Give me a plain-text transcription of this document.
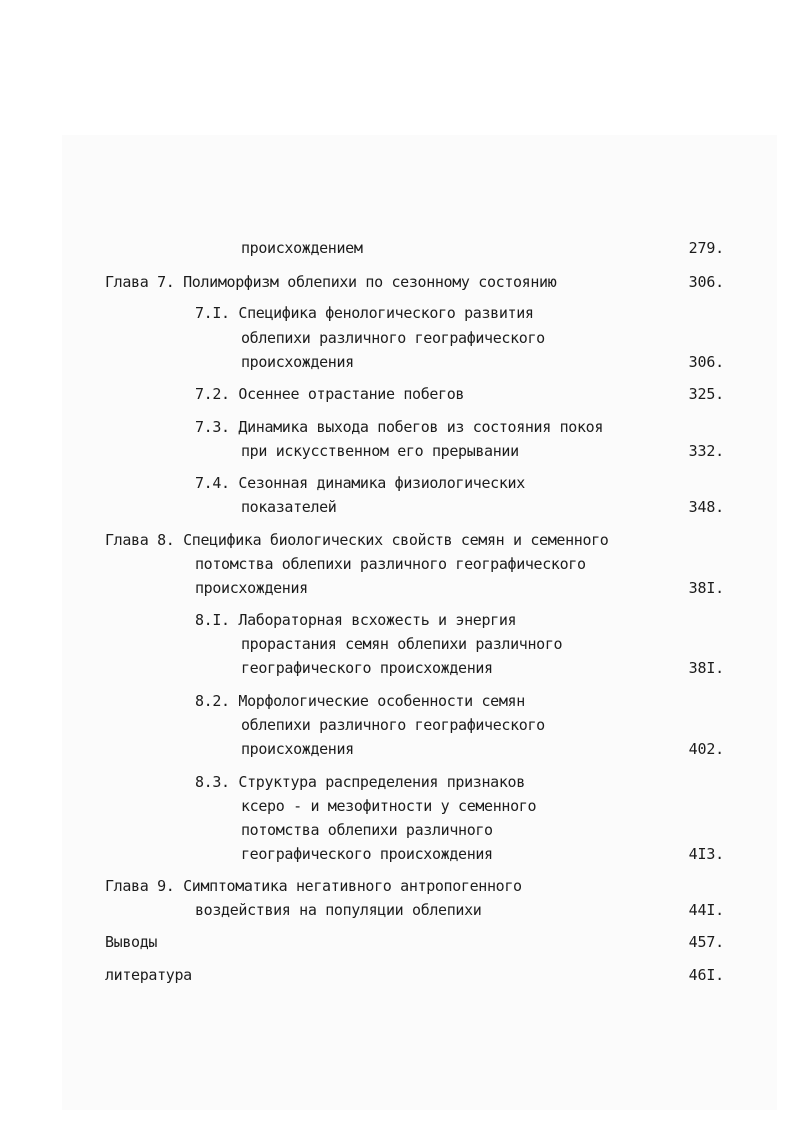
происхождением
Глава 7. Полиморфизм облепихи по сезонному состоянию
7.I. Специфика фенологического развития
облепихи различного географического
происхождения
7.2. Осеннее отрастание побегов
7.3. Динамика выхода побегов из состояния покоя
при искусственном его прерывании
7.4. Сезонная динамика физиологических
показателей
Глава 8. Специфика биологических свойств семян и семенного
потомства облепихи различного географического
происхождения
8.I. Лабораторная всхожесть и энергия
прорастания семян облепихи различного
географического происхождения
8.2. Морфологические особенности семян
облепихи различного географического
происхождения
8.3. Структура распределения признаков
ксеро - и мезофитности у семенного
потомства облепихи различного
географического происхождения
Глава 9. Симптоматика негативного антропогенного
воздействия на популяции облепихи
Выводы
литература
279.
306.
306.
325.
332.
348.
38I.
38I.
402.
4I3.
44I.
457.
46I.
